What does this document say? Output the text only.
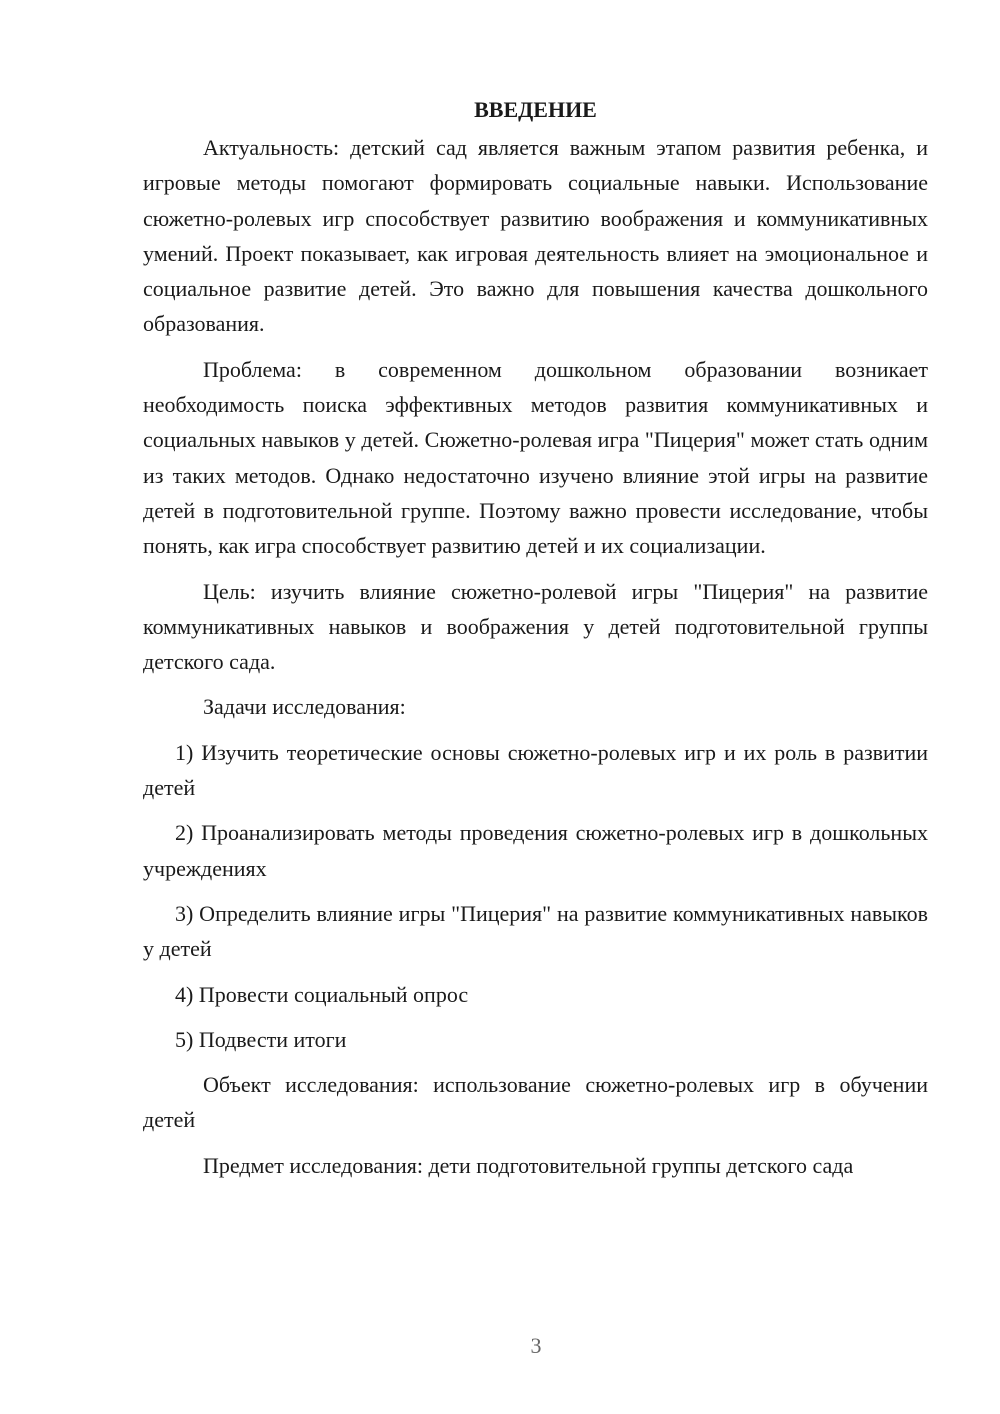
ВВЕДЕНИЕ

Актуальность: детский сад является важным этапом развития ребенка, и игровые методы помогают формировать социальные навыки. Использование сюжетно-ролевых игр способствует развитию воображения и коммуникативных умений. Проект показывает, как игровая деятельность влияет на эмоциональное и социальное развитие детей. Это важно для повышения качества дошкольного образования.

Проблема: в современном дошкольном образовании возникает необходимость поиска эффективных методов развития коммуникативных и социальных навыков у детей. Сюжетно-ролевая игра "Пицерия" может стать одним из таких методов. Однако недостаточно изучено влияние этой игры на развитие детей в подготовительной группе. Поэтому важно провести исследование, чтобы понять, как игра способствует развитию детей и их социализации.

Цель: изучить влияние сюжетно-ролевой игры "Пицерия" на развитие коммуникативных навыков и воображения у детей подготовительной группы детского сада.

Задачи исследования:

1) Изучить теоретические основы сюжетно-ролевых игр и их роль в развитии детей

2) Проанализировать методы проведения сюжетно-ролевых игр в дошкольных учреждениях

3) Определить влияние игры "Пицерия" на развитие коммуникативных навыков у детей

4) Провести социальный опрос

5) Подвести итоги

Объект исследования: использование сюжетно-ролевых игр в обучении детей

Предмет исследования: дети подготовительной группы детского сада

3
